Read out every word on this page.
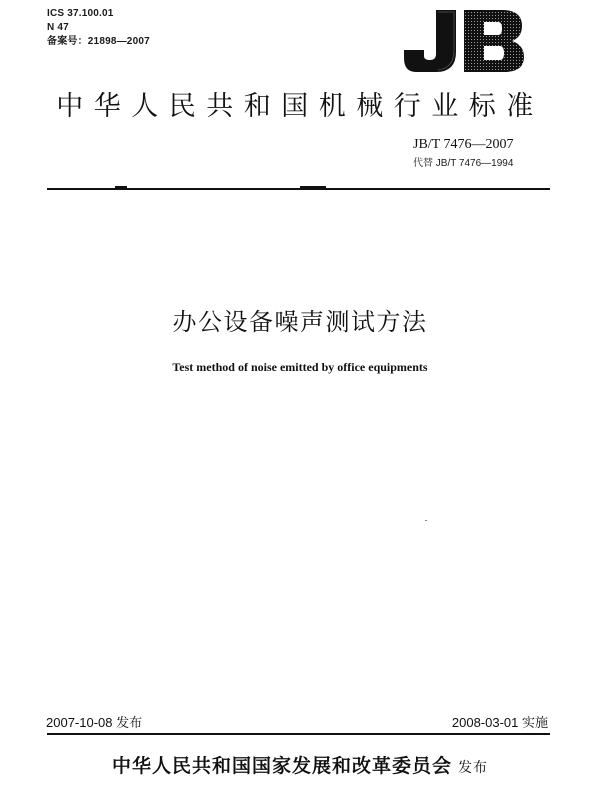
ICS 37.100.01
N 47
备案号：21898—2007
中华人民共和国机械行业标准
JB/T 7476—2007
代替 JB/T 7476—1994
办公设备噪声测试方法
Test method of noise emitted by office equipments
2007-10-08 发布	2008-03-01 实施
中华人民共和国国家发展和改革委员会 发布
